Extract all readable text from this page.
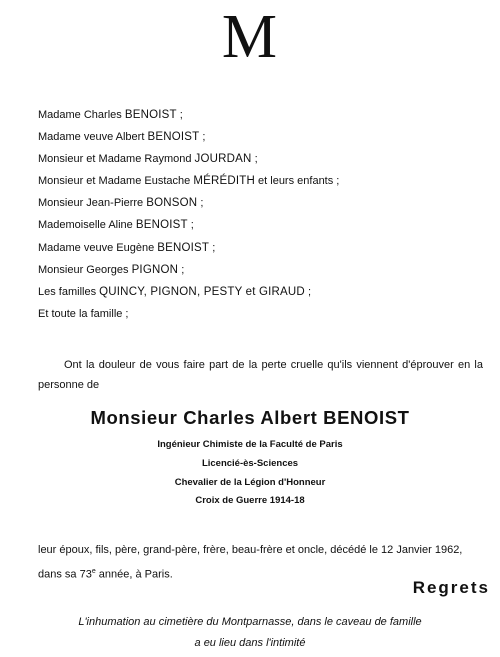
M
Madame Charles BENOIST ;
Madame veuve Albert BENOIST ;
Monsieur et Madame Raymond JOURDAN ;
Monsieur et Madame Eustache MÉRÉDITH et leurs enfants ;
Monsieur Jean-Pierre BONSON ;
Mademoiselle Aline BENOIST ;
Madame veuve Eugène BENOIST ;
Monsieur Georges PIGNON ;
Les familles QUINCY, PIGNON, PESTY et GIRAUD ;
Et toute la famille ;

Ont la douleur de vous faire part de la perte cruelle qu'ils viennent d'éprouver en la personne de

Monsieur Charles Albert BENOIST
Ingénieur Chimiste de la Faculté de Paris
Licencié-ès-Sciences
Chevalier de la Légion d'Honneur
Croix de Guerre 1914-18
leur époux, fils, père, grand-père, frère, beau-frère et oncle, décédé le 12 Janvier 1962, dans sa 73e année, à Paris.
Regrets
L'inhumation au cimetière du Montparnasse, dans le caveau de famille
a eu lieu dans l'intimité
